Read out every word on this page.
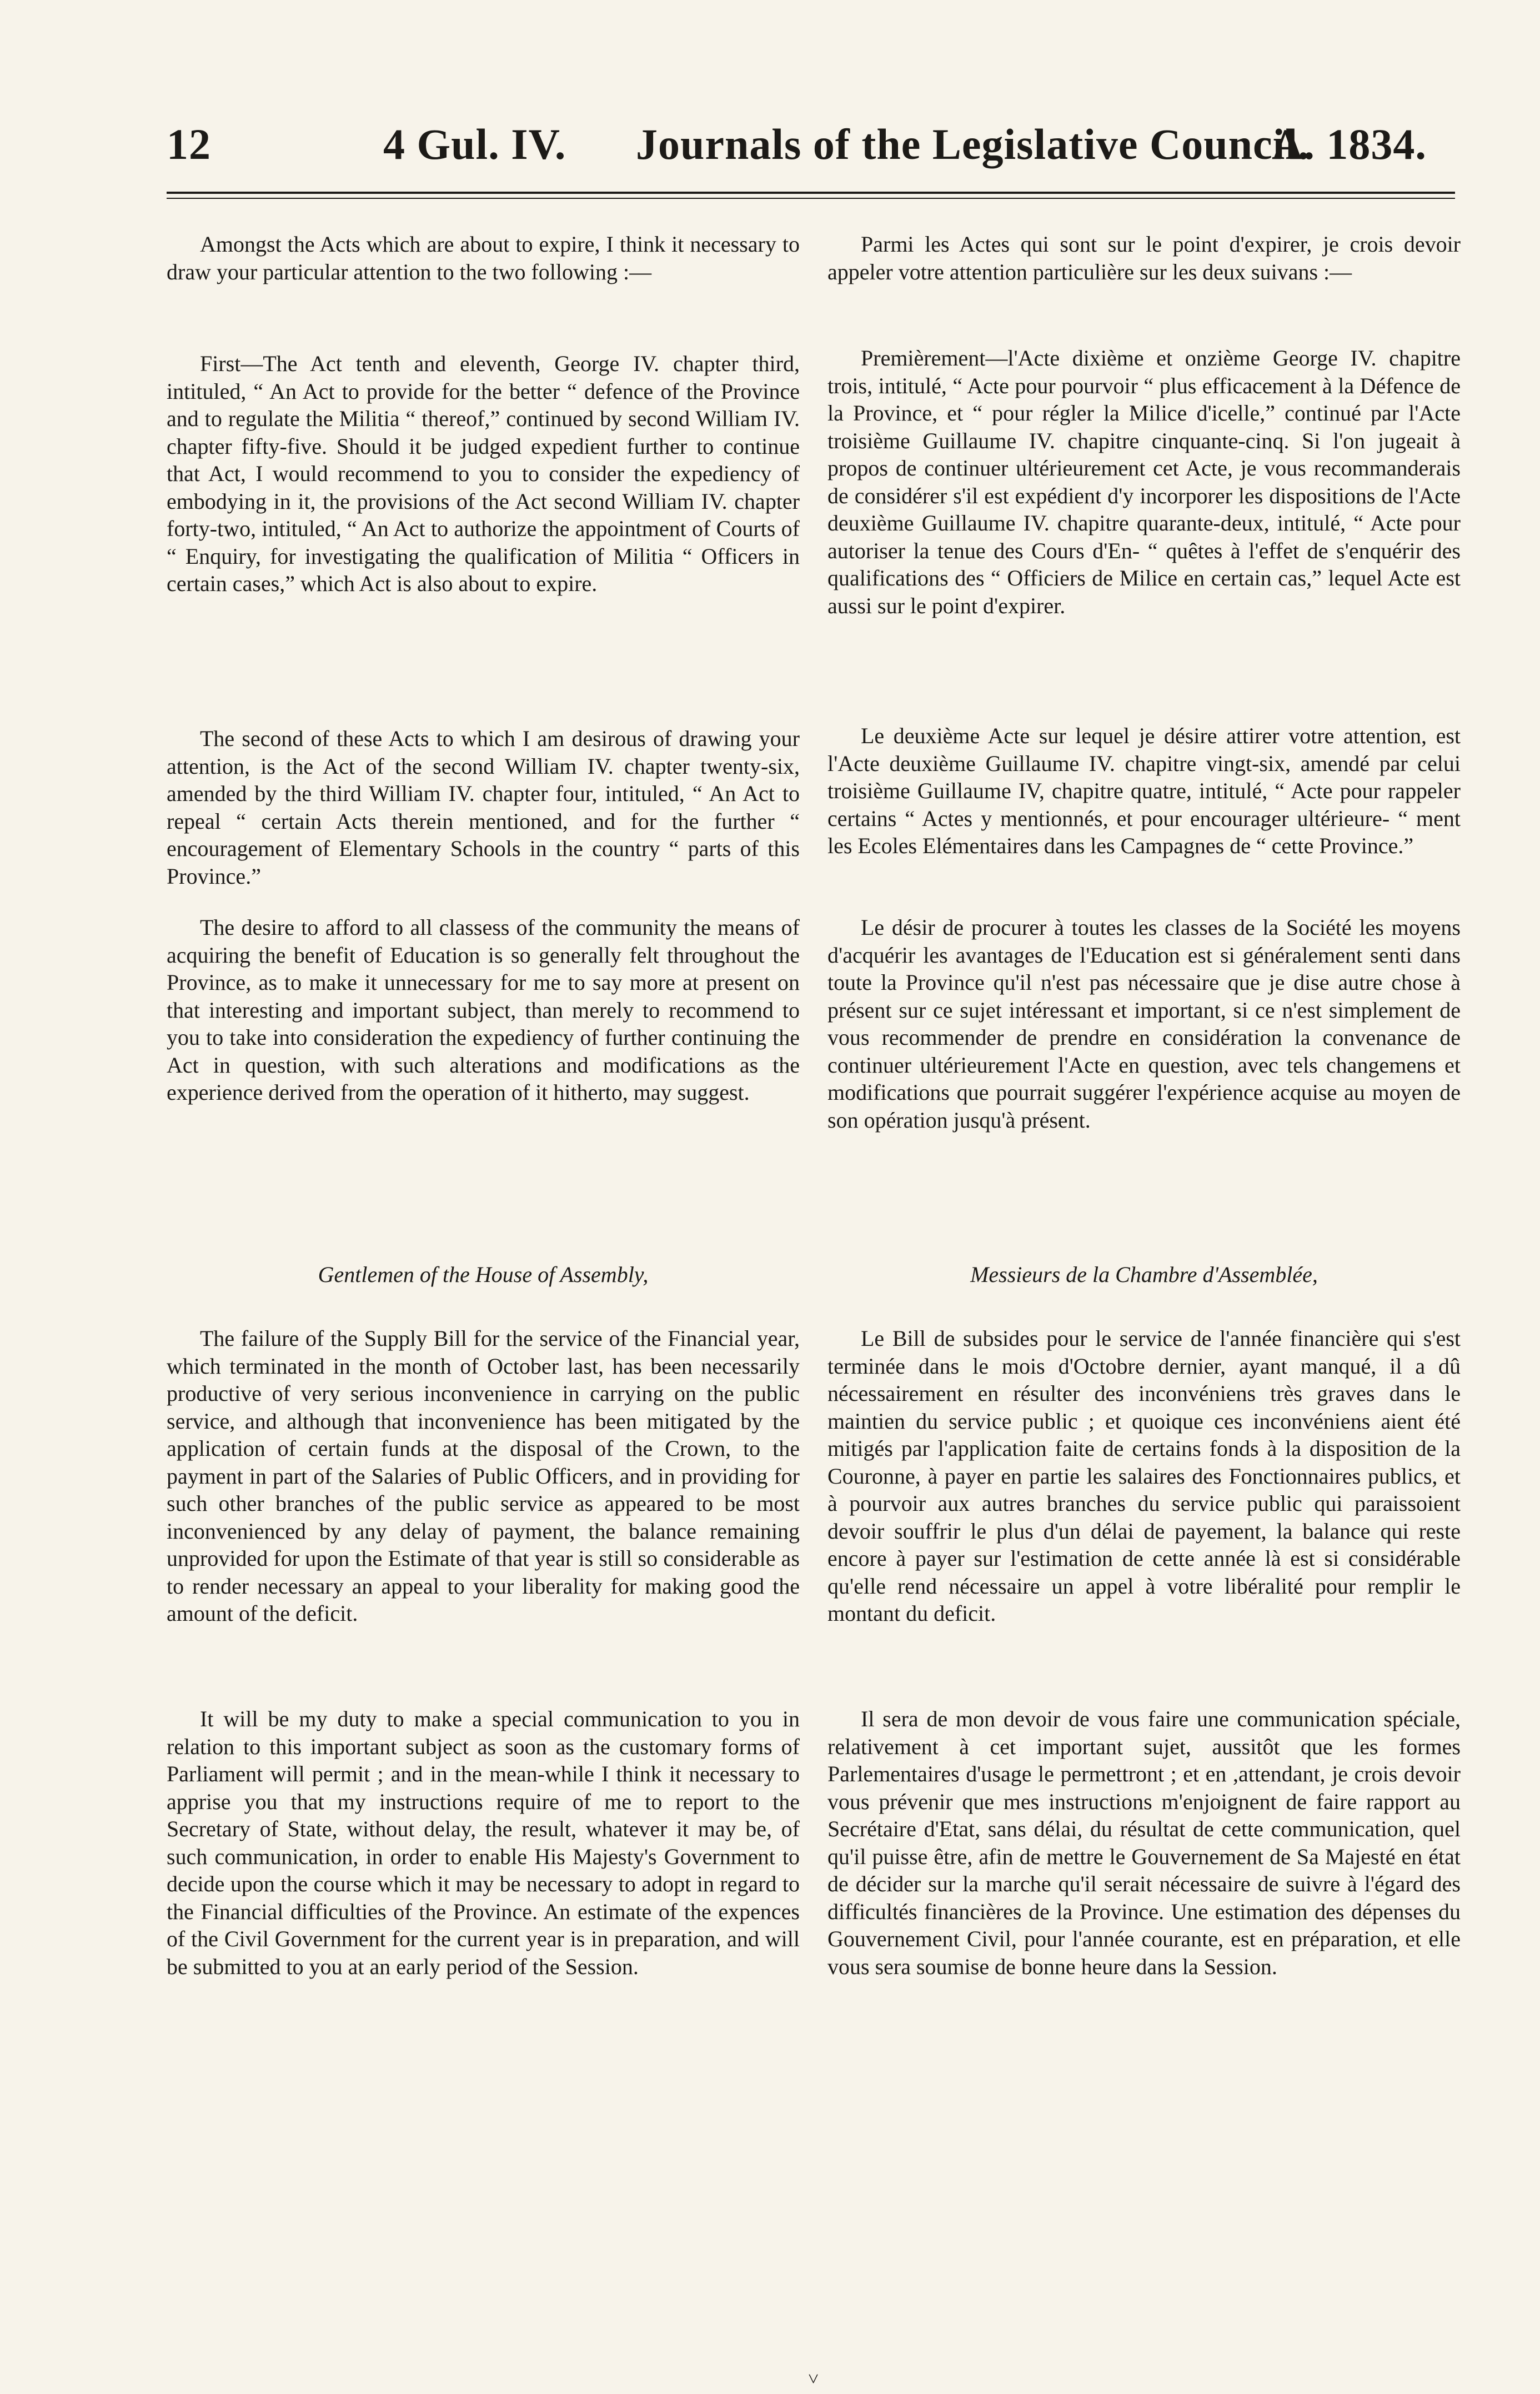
12	4 Gul. IV. Journals of the Legislative Council.
A. 1834.

Amongst the Acts which are about to expire, I think it necessary to draw your particular attention to the two following :—

First—The Act tenth and eleventh, George IV. chapter third, intituled, “ An Act to provide for the better “ defence of the Province and to regulate the Militia “ thereof,” continued by second William IV. chapter fifty-five. Should it be judged expedient further to continue that Act, I would recommend to you to consider the expediency of embodying in it, the provisions of the Act second William IV. chapter forty-two, intituled, “ An Act to authorize the appointment of Courts of “ Enquiry, for investigating the qualification of Militia “ Officers in certain cases,” which Act is also about to expire.

The second of these Acts to which I am desirous of drawing your attention, is the Act of the second William IV. chapter twenty-six, amended by the third William IV. chapter four, intituled, “ An Act to repeal “ certain Acts therein mentioned, and for the further “ encouragement of Elementary Schools in the country “ parts of this Province.”

The desire to afford to all classess of the community the means of acquiring the benefit of Education is so generally felt throughout the Province, as to make it unnecessary for me to say more at present on that interesting and important subject, than merely to recommend to you to take into consideration the expediency of further continuing the Act in question, with such alterations and modifications as the experience derived from the operation of it hitherto, may suggest.

Gentlemen of the House of Assembly,

The failure of the Supply Bill for the service of the Financial year, which terminated in the month of October last, has been necessarily productive of very serious inconvenience in carrying on the public service, and although that inconvenience has been mitigated by the application of certain funds at the disposal of the Crown, to the payment in part of the Salaries of Public Officers, and in providing for such other branches of the public service as appeared to be most inconvenienced by any delay of payment, the balance remaining unprovided for upon the Estimate of that year is still so considerable as to render necessary an appeal to your liberality for making good the amount of the deficit.

It will be my duty to make a special communication to you in relation to this important subject as soon as the customary forms of Parliament will permit ; and in the mean-while I think it necessary to apprise you that my instructions require of me to report to the Secretary of State, without delay, the result, whatever it may be, of such communication, in order to enable His Majesty's Government to decide upon the course which it may be necessary to adopt in regard to the Financial difficulties of the Province. An estimate of the expences of the Civil Government for the current year is in preparation, and will be submitted to you at an early period of the Session.

Parmi les Actes qui sont sur le point d'expirer, je crois devoir appeler votre attention particulière sur les deux suivans :—

Premièrement—l'Acte dixième et onzième George IV. chapitre trois, intitulé, “ Acte pour pourvoir “ plus efficacement à la Défence de la Province, et “ pour régler la Milice d'icelle,” continué par l'Acte troisième Guillaume IV. chapitre cinquante-cinq. Si l'on jugeait à propos de continuer ultérieurement cet Acte, je vous recommanderais de considérer s'il est expédient d'y incorporer les dispositions de l'Acte deuxième Guillaume IV. chapitre quarante-deux, intitulé, “ Acte pour autoriser la tenue des Cours d'En- “ quêtes à l'effet de s'enquérir des qualifications des “ Officiers de Milice en certain cas,” lequel Acte est aussi sur le point d'expirer.

Le deuxième Acte sur lequel je désire attirer votre attention, est l'Acte deuxième Guillaume IV. chapitre vingt-six, amendé par celui troisième Guillaume IV, chapitre quatre, intitulé, “ Acte pour rappeler certains “ Actes y mentionnés, et pour encourager ultérieure- “ ment les Ecoles Elémentaires dans les Campagnes de “ cette Province.”

Le désir de procurer à toutes les classes de la Société les moyens d'acquérir les avantages de l'Education est si généralement senti dans toute la Province qu'il n'est pas nécessaire que je dise autre chose à présent sur ce sujet intéressant et important, si ce n'est simplement de vous recommender de prendre en considération la convenance de continuer ultérieurement l'Acte en question, avec tels changemens et modifications que pourrait suggérer l'expérience acquise au moyen de son opération jusqu'à présent.

Messieurs de la Chambre d'Assemblée,

Le Bill de subsides pour le service de l'année financière qui s'est terminée dans le mois d'Octobre dernier, ayant manqué, il a dû nécessairement en résulter des inconvéniens très graves dans le maintien du service public ; et quoique ces inconvéniens aient été mitigés par l'application faite de certains fonds à la disposition de la Couronne, à payer en partie les salaires des Fonctionnaires publics, et à pourvoir aux autres branches du service public qui paraissoient devoir souffrir le plus d'un délai de payement, la balance qui reste encore à payer sur l'estimation de cette année là est si considérable qu'elle rend nécessaire un appel à votre libéralité pour remplir le montant du deficit.

Il sera de mon devoir de vous faire une communication spéciale, relativement à cet important sujet, aussitôt que les formes Parlementaires d'usage le permettront ; et en ,attendant, je crois devoir vous prévenir que mes instructions m'enjoignent de faire rapport au Secrétaire d'Etat, sans délai, du résultat de cette communication, quel qu'il puisse être, afin de mettre le Gouvernement de Sa Majesté en état de décider sur la marche qu'il serait nécessaire de suivre à l'égard des difficultés financières de la Province. Une estimation des dépenses du Gouvernement Civil, pour l'année courante, est en préparation, et elle vous sera soumise de bonne heure dans la Session.

˅
